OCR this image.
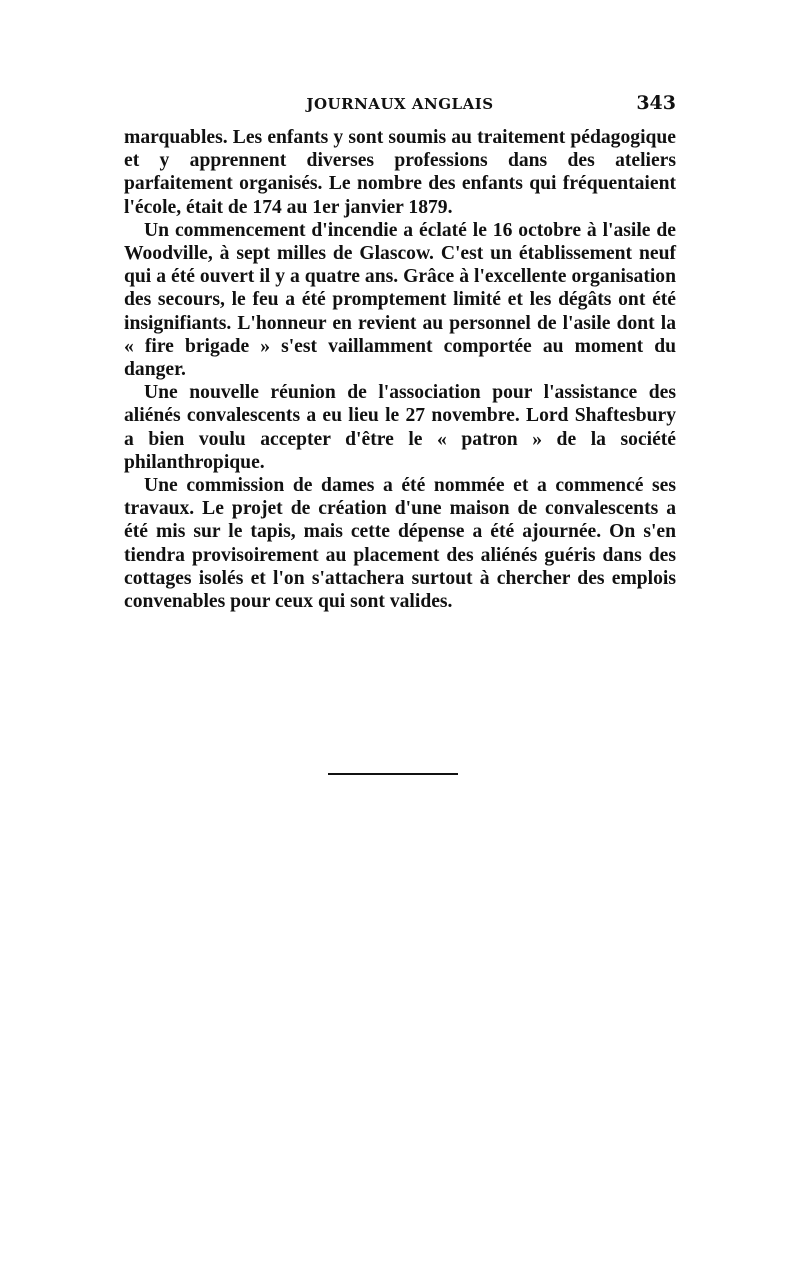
JOURNAUX ANGLAIS	343

marquables. Les enfants y sont soumis au traitement pédagogique et y apprennent diverses professions dans des ateliers parfaitement organisés. Le nombre des enfants qui fréquentaient l'école, était de 174 au 1er janvier 1879.

Un commencement d'incendie a éclaté le 16 octobre à l'asile de Woodville, à sept milles de Glascow. C'est un établissement neuf qui a été ouvert il y a quatre ans. Grâce à l'excellente organisation des secours, le feu a été promptement limité et les dégâts ont été insignifiants. L'honneur en revient au personnel de l'asile dont la « fire brigade » s'est vaillamment comportée au moment du danger.

Une nouvelle réunion de l'association pour l'assistance des aliénés convalescents a eu lieu le 27 novembre. Lord Shaftesbury a bien voulu accepter d'être le « patron » de la société philanthropique.

Une commission de dames a été nommée et a commencé ses travaux. Le projet de création d'une maison de convalescents a été mis sur le tapis, mais cette dépense a été ajournée. On s'en tiendra provisoirement au placement des aliénés guéris dans des cottages isolés et l'on s'attachera surtout à chercher des emplois convenables pour ceux qui sont valides.
